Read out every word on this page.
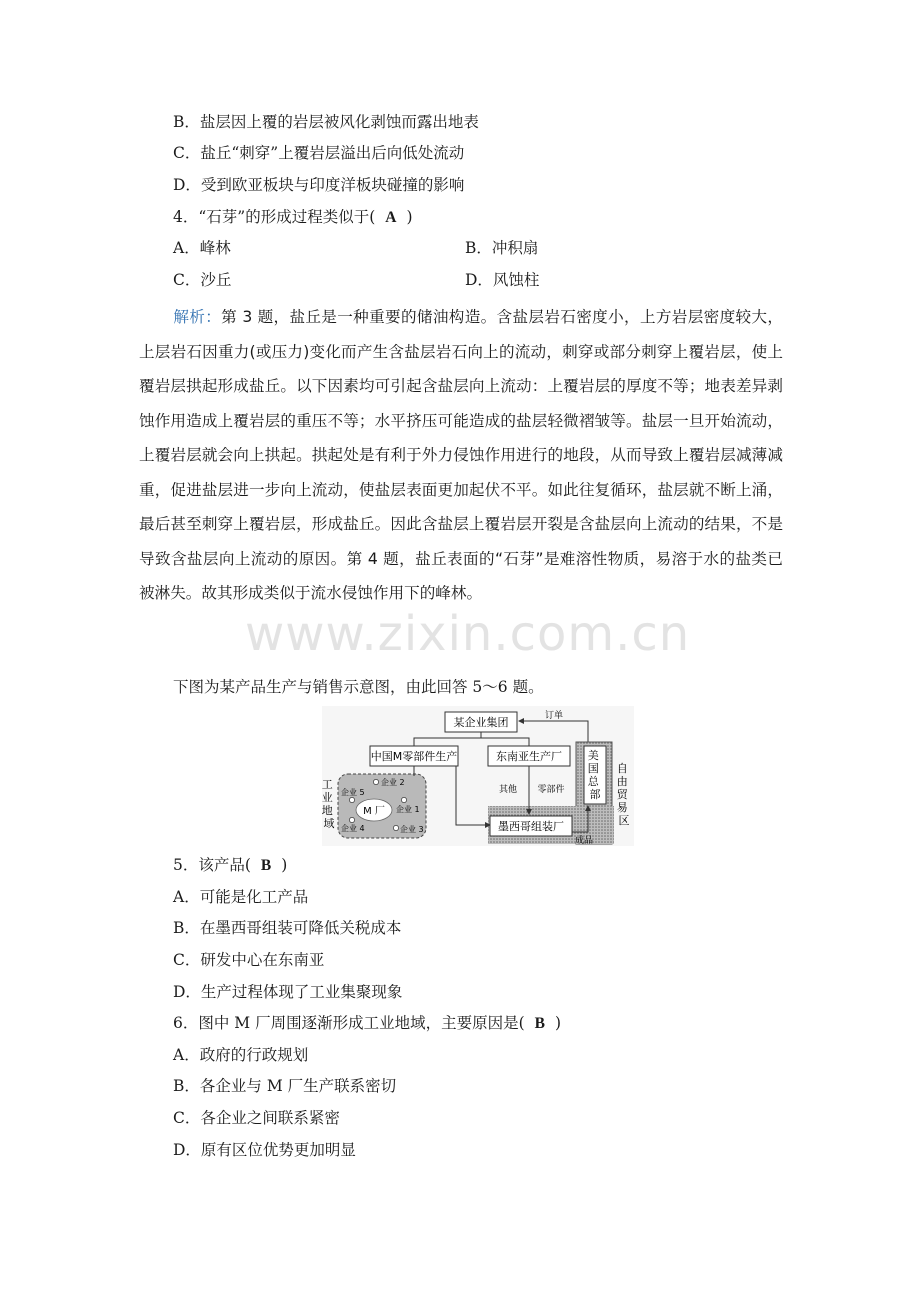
www.zixin.com.cn
B．盐层因上覆的岩层被风化剥蚀而露出地表
C．盐丘“刺穿”上覆岩层溢出后向低处流动
D．受到欧亚板块与印度洋板块碰撞的影响
4．“石芽”的形成过程类似于( A )
A．峰林	B．冲积扇
C．沙丘	D．风蚀柱
解析：第 3 题，盐丘是一种重要的储油构造。含盐层岩石密度小，上方岩层密度较大，上层岩石因重力(或压力)变化而产生含盐层岩石向上的流动，刺穿或部分刺穿上覆岩层，使上覆岩层拱起形成盐丘。以下因素均可引起含盐层向上流动：上覆岩层的厚度不等；地表差异剥蚀作用造成上覆岩层的重压不等；水平挤压可能造成的盐层轻微褶皱等。盐层一旦开始流动，上覆岩层就会向上拱起。拱起处是有利于外力侵蚀作用进行的地段，从而导致上覆岩层减薄减重，促进盐层进一步向上流动，使盐层表面更加起伏不平。如此往复循环，盐层就不断上涌，最后甚至刺穿上覆岩层，形成盐丘。因此含盐层上覆岩层开裂是含盐层向上流动的结果，不是导致含盐层向上流动的原因。第 4 题，盐丘表面的“石芽”是难溶性物质，易溶于水的盐类已被淋失。故其形成类似于流水侵蚀作用下的峰林。
下图为某产品生产与销售示意图，由此回答 5～6 题。
某企业集团	订单
中国M零部件生产	东南亚生产厂 美 国 总 部
自 由 贸 易 区
工 业 地 域
M 厂
企业 2
企业 5
企业 1
企业 4	企业 3
其他 零部件
墨西哥组装厂
成品
5．该产品( B )
A．可能是化工产品
B．在墨西哥组装可降低关税成本
C．研发中心在东南亚
D．生产过程体现了工业集聚现象
6．图中 M 厂周围逐渐形成工业地域，主要原因是( B )
A．政府的行政规划
B．各企业与 M 厂生产联系密切
C．各企业之间联系紧密
D．原有区位优势更加明显
